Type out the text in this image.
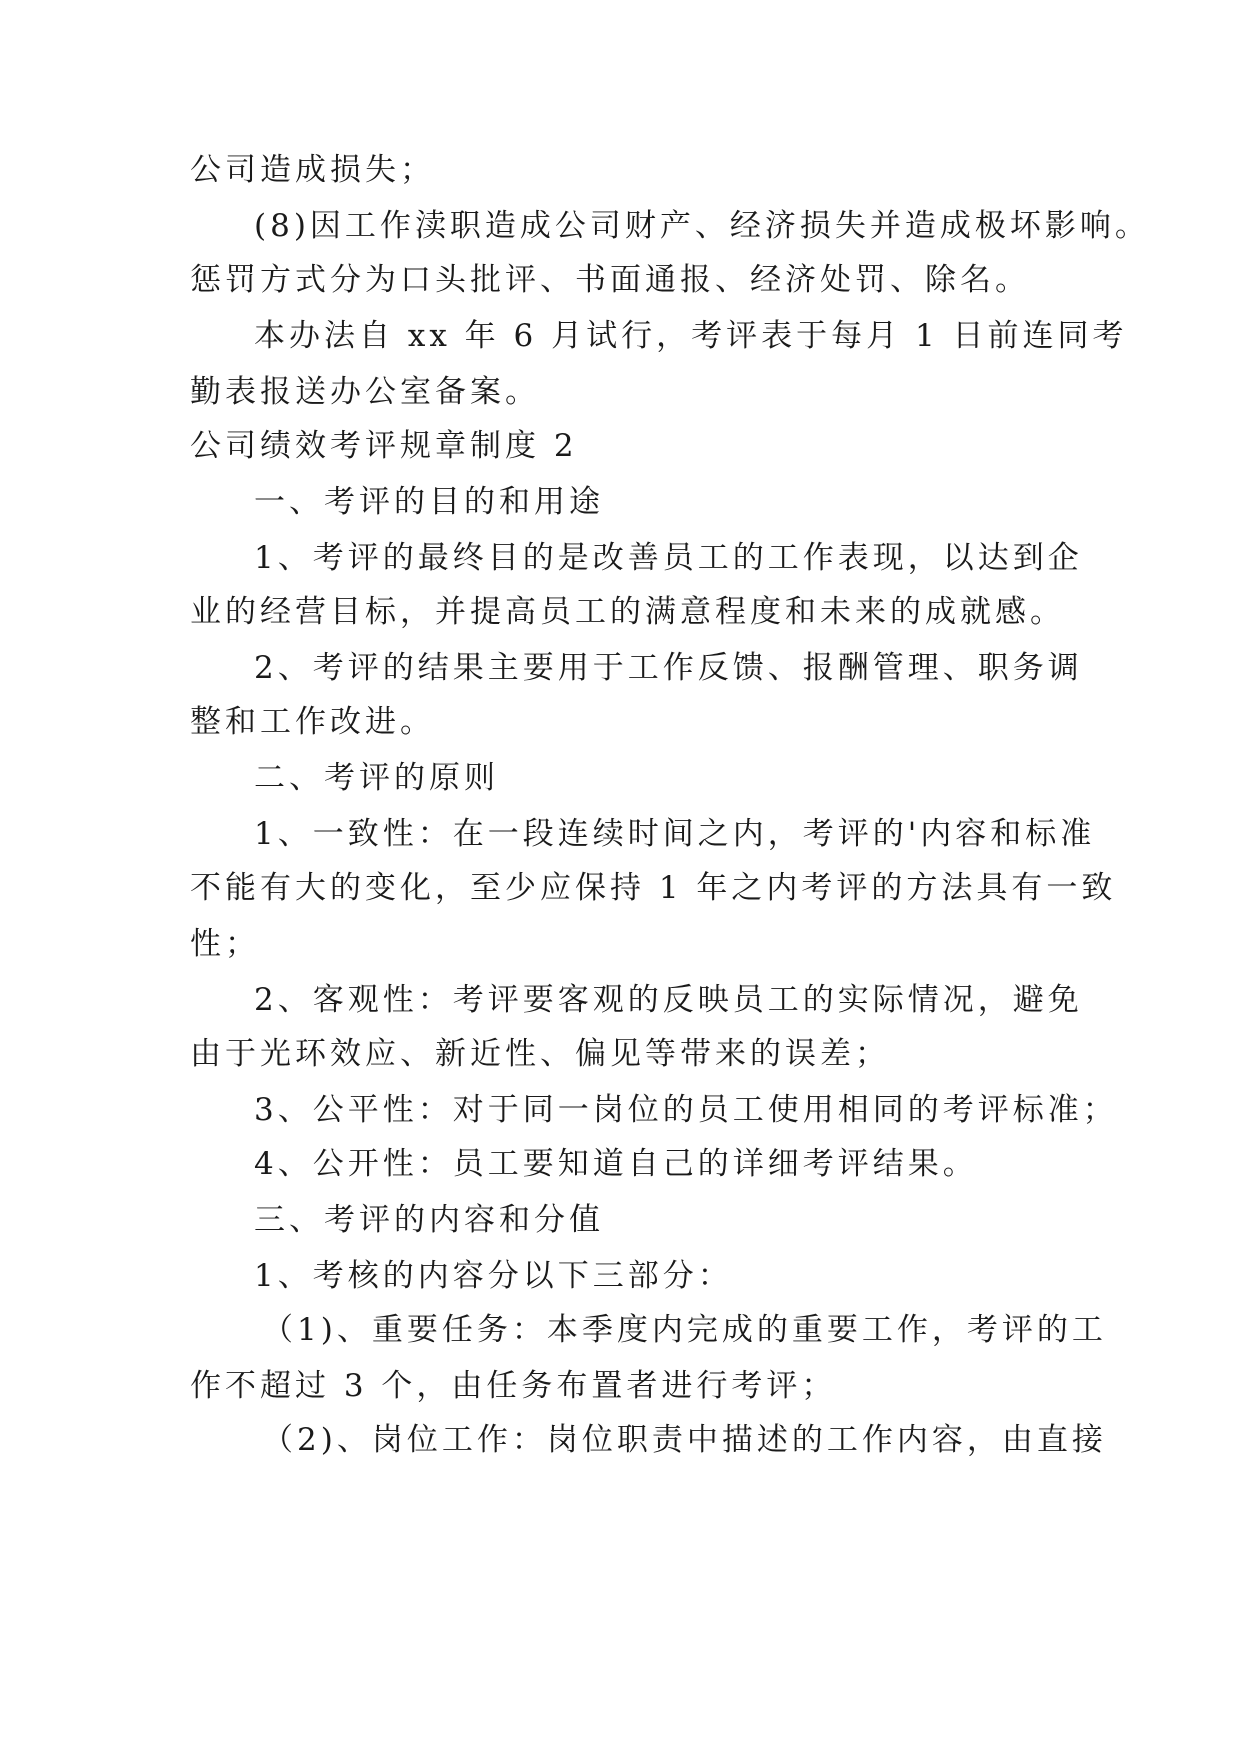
公司造成损失；
(8)因工作渎职造成公司财产、经济损失并造成极坏影响。
惩罚方式分为口头批评、书面通报、经济处罚、除名。
本办法自 xx 年 6 月试行，考评表于每月 1 日前连同考
勤表报送办公室备案。
公司绩效考评规章制度 2
一、考评的目的和用途
1、考评的最终目的是改善员工的工作表现，以达到企
业的经营目标，并提高员工的满意程度和未来的成就感。
2、考评的结果主要用于工作反馈、报酬管理、职务调
整和工作改进。
二、考评的原则
1、一致性：在一段连续时间之内，考评的'内容和标准
不能有大的变化，至少应保持 1 年之内考评的方法具有一致
性；
2、客观性：考评要客观的反映员工的实际情况，避免
由于光环效应、新近性、偏见等带来的误差；
3、公平性：对于同一岗位的员工使用相同的考评标准；
4、公开性：员工要知道自己的详细考评结果。
三、考评的内容和分值
1、考核的内容分以下三部分：
（1)、重要任务：本季度内完成的重要工作，考评的工
作不超过 3 个，由任务布置者进行考评；
（2)、岗位工作：岗位职责中描述的工作内容，由直接
